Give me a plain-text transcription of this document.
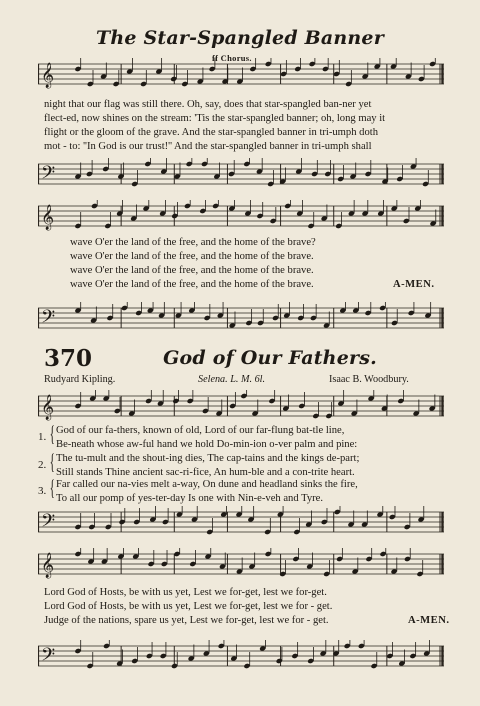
The Star-Spangled Banner
𝄞
ff Chorus.
night that our flag was still there. Oh, say, does that star-spangled ban-ner yet
flect-ed, now shines on the stream: 'Tis the star-spangled banner; oh, long may it
flight or the gloom of the grave. And the star-spangled banner in tri-umph doth
mot - to: ''In God is our trust!'' And the star-spangled banner in tri-umph shall
𝄢
𝄞
wave O'er the land of the free, and the home of the brave?
wave O'er the land of the free, and the home of the brave.
wave O'er the land of the free, and the home of the brave.
wave O'er the land of the free, and the home of the brave.	A-MEN.
𝄢
370	God of Our Fathers.
Rudyard Kipling.	Selena. L. M. 6l.	Isaac B. Woodbury.
𝄞
1. { God of our fa-thers, known of old, Lord of our far-flung bat-tle line,
Be-neath whose aw-ful hand we hold Do-min-ion o-ver palm and pine:
2. { The tu-mult and the shout-ing dies, The cap-tains and the kings de-part;
Still stands Thine ancient sac-ri-fice, An hum-ble and a con-trite heart.
3. { Far called our na-vies melt a-way, On dune and headland sinks the fire,
To all our pomp of yes-ter-day Is one with Nin-e-veh and Tyre.
𝄢
𝄞
Lord God of Hosts, be with us yet, Lest we for-get, lest we for-get.
Lord God of Hosts, be with us yet, Lest we for-get, lest we for - get.
Judge of the nations, spare us yet, Lest we for-get, lest we for - get.	A-MEN.
𝄢
